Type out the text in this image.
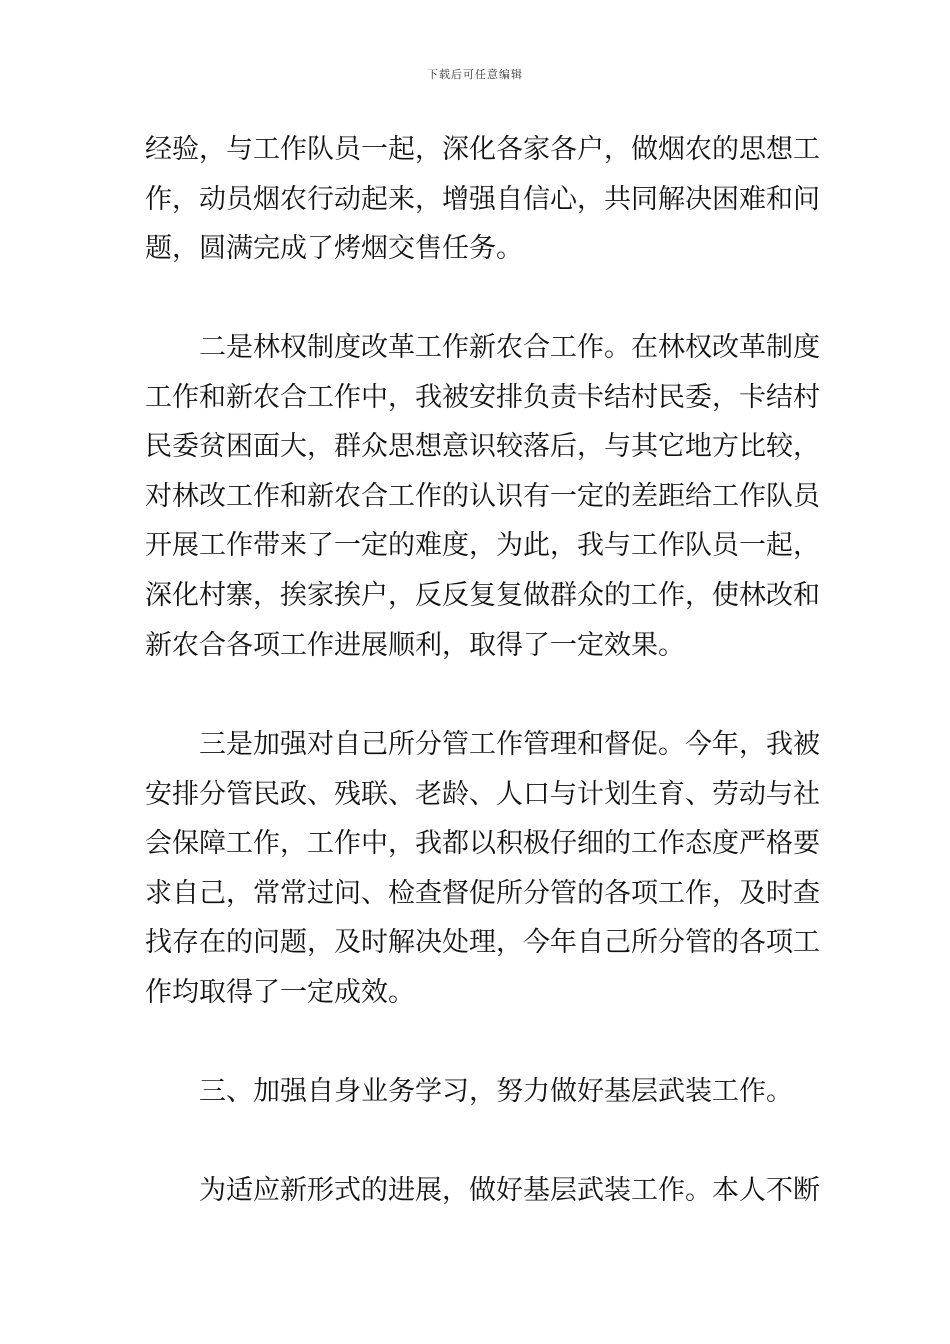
下载后可任意编辑

经验，与工作队员一起，深化各家各户，做烟农的思想工
作，动员烟农行动起来，增强自信心，共同解决困难和问
题，圆满完成了烤烟交售任务。

二是林权制度改革工作新农合工作。在林权改革制度
工作和新农合工作中，我被安排负责卡结村民委，卡结村
民委贫困面大，群众思想意识较落后，与其它地方比较，
对林改工作和新农合工作的认识有一定的差距给工作队员
开展工作带来了一定的难度，为此，我与工作队员一起，
深化村寨，挨家挨户，反反复复做群众的工作，使林改和
新农合各项工作进展顺利，取得了一定效果。

三是加强对自己所分管工作管理和督促。今年，我被
安排分管民政、残联、老龄、人口与计划生育、劳动与社
会保障工作，工作中，我都以积极仔细的工作态度严格要
求自己，常常过问、检查督促所分管的各项工作，及时查
找存在的问题，及时解决处理，今年自己所分管的各项工
作均取得了一定成效。

三、加强自身业务学习，努力做好基层武装工作。

为适应新形式的进展，做好基层武装工作。本人不断
